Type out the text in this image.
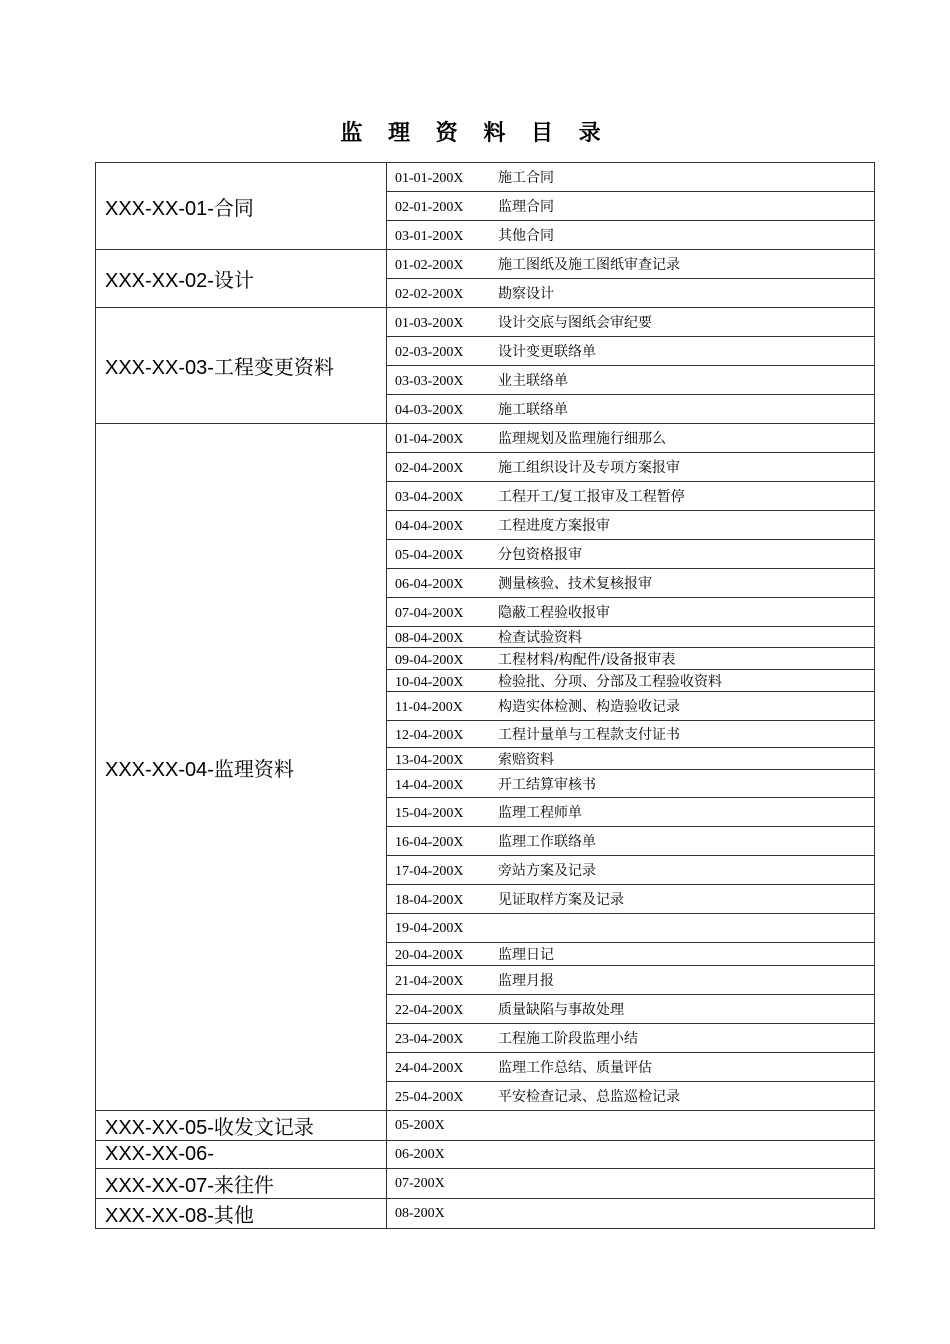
监 理 资 料 目 录
XXX-XX-01-合同	01-01-200X 施工合同
	02-01-200X 监理合同
	03-01-200X 其他合同
XXX-XX-02-设计	01-02-200X 施工图纸及施工图纸审查记录
	02-02-200X 勘察设计
XXX-XX-03-工程变更资料	01-03-200X 设计交底与图纸会审纪要
	02-03-200X 设计变更联络单
	03-03-200X 业主联络单
	04-03-200X 施工联络单
XXX-XX-04-监理资料	01-04-200X 监理规划及监理施行细那么
	02-04-200X 施工组织设计及专项方案报审
	03-04-200X 工程开工/复工报审及工程暂停
	04-04-200X 工程进度方案报审
	05-04-200X 分包资格报审
	06-04-200X 测量核验、技术复核报审
	07-04-200X 隐蔽工程验收报审
	08-04-200X 检查试验资料
	09-04-200X 工程材料/构配件/设备报审表
	10-04-200X 检验批、分项、分部及工程验收资料
	11-04-200X 构造实体检测、构造验收记录
	12-04-200X 工程计量单与工程款支付证书
	13-04-200X 索赔资料
	14-04-200X 开工结算审核书
	15-04-200X 监理工程师单
	16-04-200X 监理工作联络单
	17-04-200X 旁站方案及记录
	18-04-200X 见证取样方案及记录
	19-04-200X
	20-04-200X 监理日记
	21-04-200X 监理月报
	22-04-200X 质量缺陷与事故处理
	23-04-200X 工程施工阶段监理小结
	24-04-200X 监理工作总结、质量评估
	25-04-200X 平安检查记录、总监巡检记录
XXX-XX-05-收发文记录	05-200X
XXX-XX-06-	06-200X
XXX-XX-07-来往件	07-200X
XXX-XX-08-其他	08-200X
